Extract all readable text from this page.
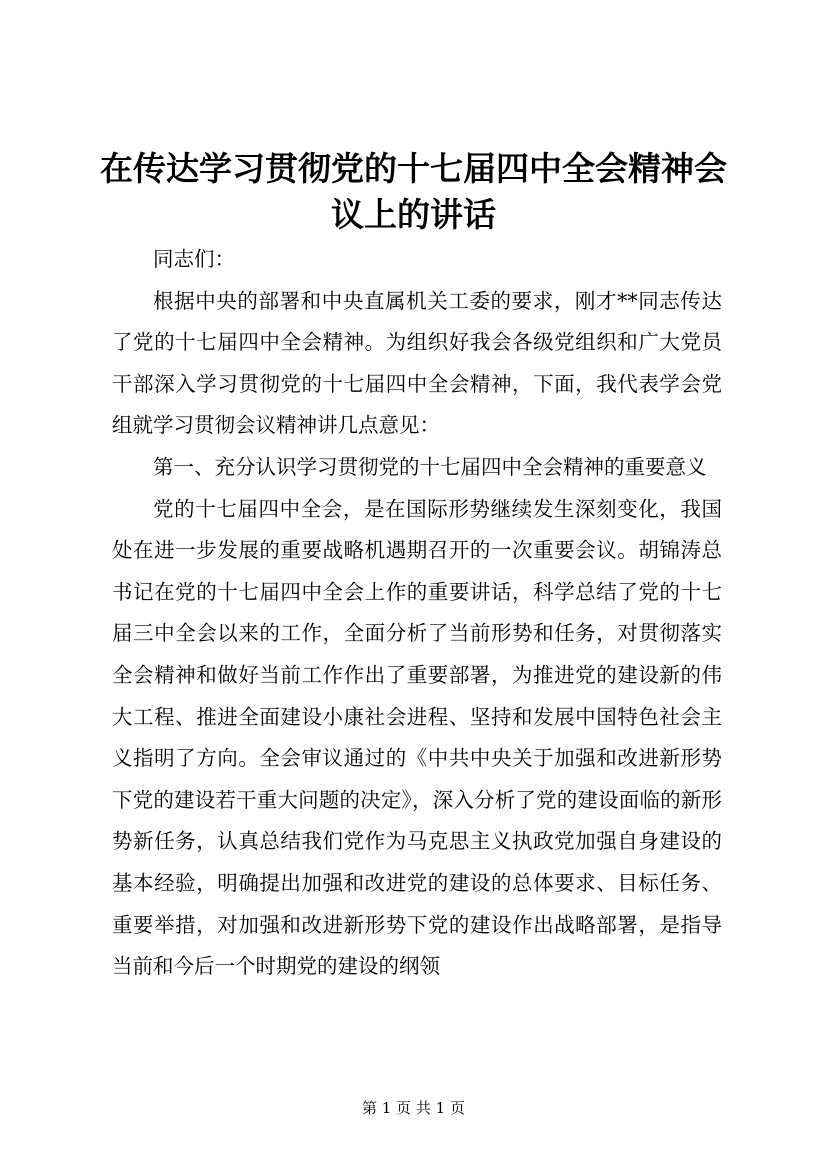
在传达学习贯彻党的十七届四中全会精神会议上的讲话

同志们：

根据中央的部署和中央直属机关工委的要求，刚才**同志传达了党的十七届四中全会精神。为组织好我会各级党组织和广大党员干部深入学习贯彻党的十七届四中全会精神，下面，我代表学会党组就学习贯彻会议精神讲几点意见：

第一、充分认识学习贯彻党的十七届四中全会精神的重要意义

党的十七届四中全会，是在国际形势继续发生深刻变化，我国处在进一步发展的重要战略机遇期召开的一次重要会议。胡锦涛总书记在党的十七届四中全会上作的重要讲话，科学总结了党的十七届三中全会以来的工作，全面分析了当前形势和任务，对贯彻落实全会精神和做好当前工作作出了重要部署，为推进党的建设新的伟大工程、推进全面建设小康社会进程、坚持和发展中国特色社会主义指明了方向。全会审议通过的《中共中央关于加强和改进新形势下党的建设若干重大问题的决定》，深入分析了党的建设面临的新形势新任务，认真总结我们党作为马克思主义执政党加强自身建设的基本经验，明确提出加强和改进党的建设的总体要求、目标任务、重要举措，对加强和改进新形势下党的建设作出战略部署，是指导当前和今后一个时期党的建设的纲领

第 1 页 共 1 页
